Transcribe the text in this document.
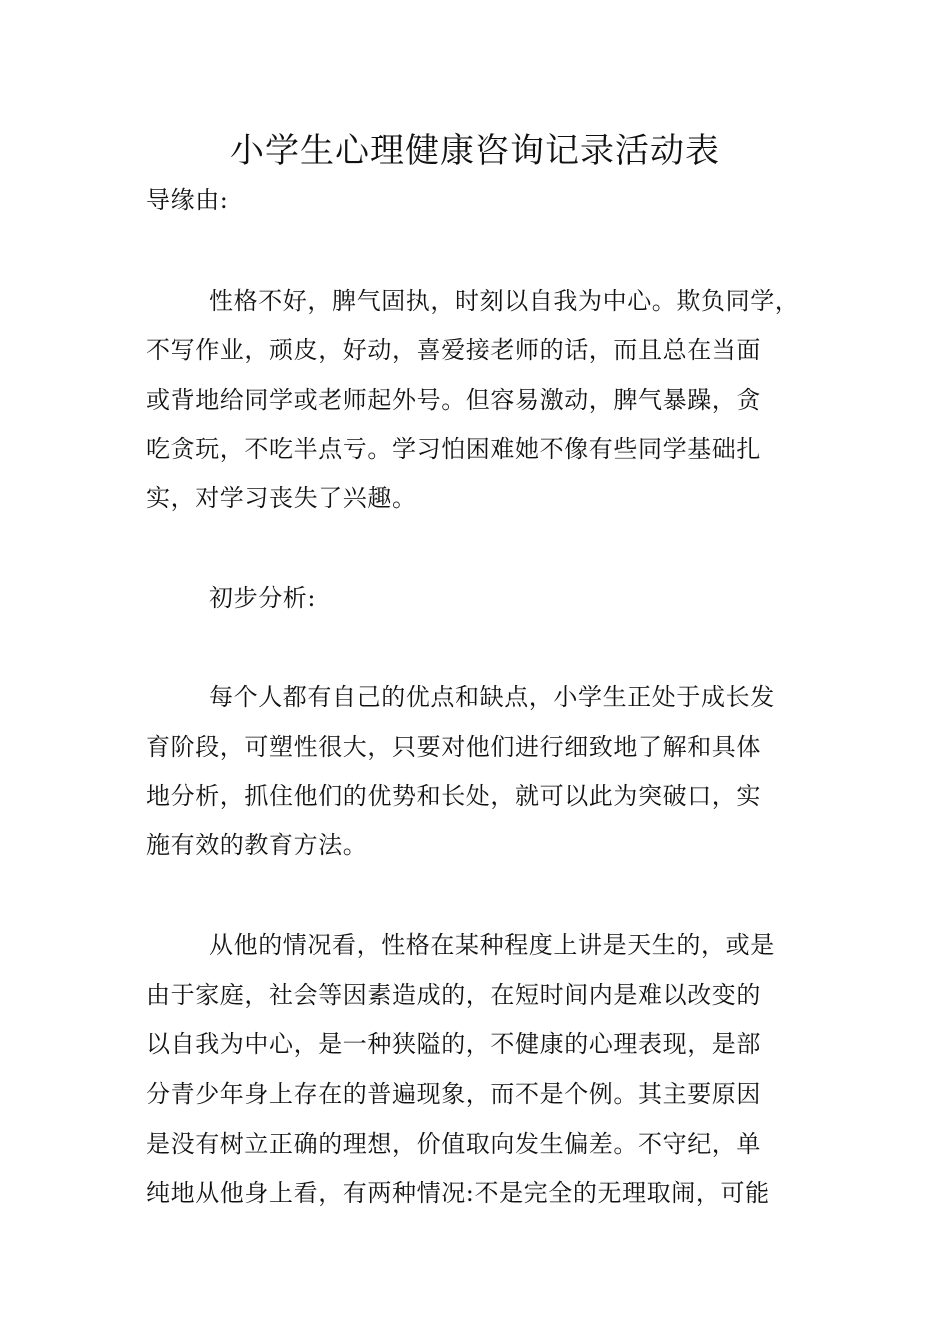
小学生心理健康咨询记录活动表

导缘由:

性格不好，脾气固执，时刻以自我为中心。欺负同学，

不写作业，顽皮，好动，喜爱接老师的话，而且总在当面

或背地给同学或老师起外号。但容易激动，脾气暴躁，贪

吃贪玩，不吃半点亏。学习怕困难她不像有些同学基础扎

实，对学习丧失了兴趣。

初步分析:

每个人都有自己的优点和缺点，小学生正处于成长发

育阶段，可塑性很大，只要对他们进行细致地了解和具体

地分析，抓住他们的优势和长处，就可以此为突破口，实

施有效的教育方法。

从他的情况看，性格在某种程度上讲是天生的，或是

由于家庭，社会等因素造成的，在短时间内是难以改变的

以自我为中心，是一种狭隘的，不健康的心理表现，是部

分青少年身上存在的普遍现象，而不是个例。其主要原因

是没有树立正确的理想，价值取向发生偏差。不守纪，单

纯地从他身上看，有两种情况:不是完全的无理取闹，可能
